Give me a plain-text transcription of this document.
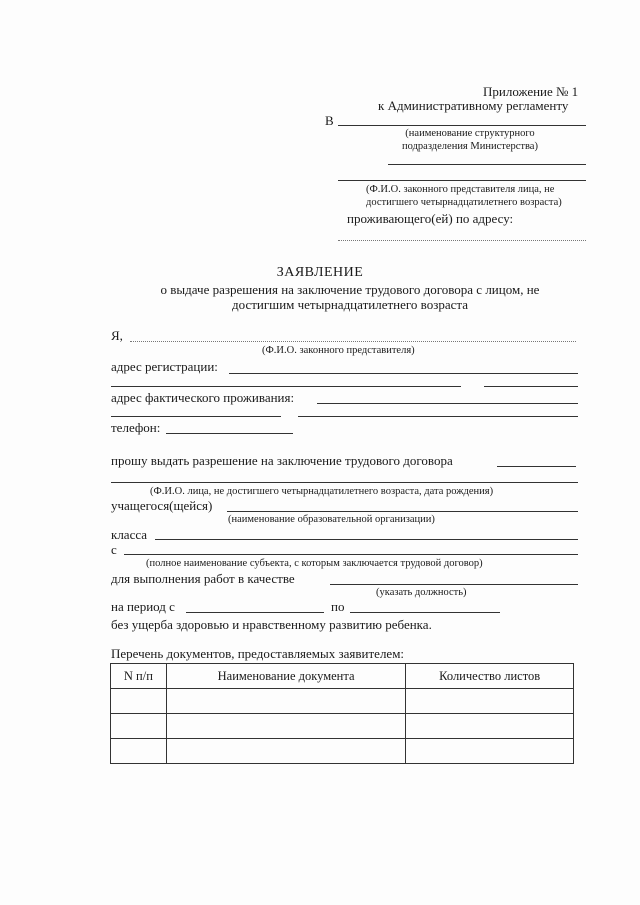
Приложение № 1
к Административному регламенту
В
(наименование структурного
подразделения Министерства)
(Ф.И.О. законного представителя лица, не
достигшего четырнадцатилетнего возраста)
проживающего(ей) по адресу:
ЗАЯВЛЕНИЕ
о выдаче разрешения на заключение трудового договора с лицом, не
достигшим четырнадцатилетнего возраста
Я,
(Ф.И.О. законного представителя)
адрес регистрации:
адрес фактического проживания:
телефон:
прошу выдать разрешение на заключение трудового договора
(Ф.И.О. лица, не достигшего четырнадцатилетнего возраста, дата рождения)
учащегося(щейся)
(наименование образовательной организации)
класса
с
(полное наименование субъекта, с которым заключается трудовой договор)
для выполнения работ в качестве
(указать должность)
на период с	по
без ущерба здоровью и нравственному развитию ребенка.
Перечень документов, предоставляемых заявителем:
N п/п	Наименование документа	Количество листов
